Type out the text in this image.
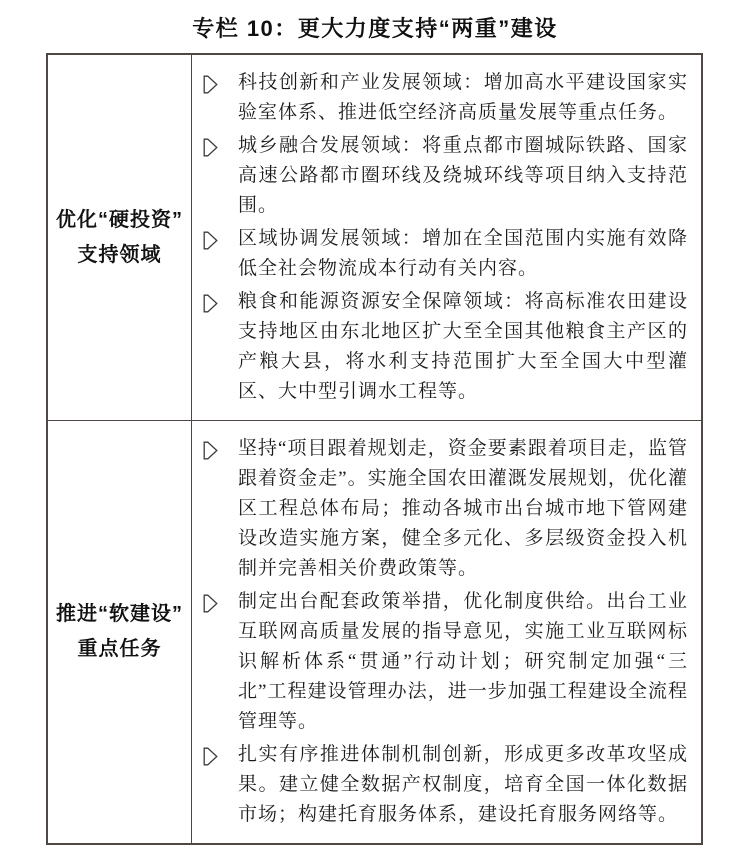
专栏 10：更大力度支持“两重”建设
优化“硬投资”
支持领域
科技创新和产业发展领域：增加高水平建设国家实验室体系、推进低空经济高质量发展等重点任务。
城乡融合发展领域：将重点都市圈城际铁路、国家高速公路都市圈环线及绕城环线等项目纳入支持范围。
区域协调发展领域：增加在全国范围内实施有效降低全社会物流成本行动有关内容。
粮食和能源资源安全保障领域：将高标准农田建设支持地区由东北地区扩大至全国其他粮食主产区的产粮大县，将水利支持范围扩大至全国大中型灌区、大中型引调水工程等。
推进“软建设”
重点任务
坚持“项目跟着规划走，资金要素跟着项目走，监管跟着资金走”。实施全国农田灌溉发展规划，优化灌区工程总体布局；推动各城市出台城市地下管网建设改造实施方案，健全多元化、多层级资金投入机制并完善相关价费政策等。
制定出台配套政策举措，优化制度供给。出台工业互联网高质量发展的指导意见，实施工业互联网标识解析体系“贯通”行动计划；研究制定加强“三北”工程建设管理办法，进一步加强工程建设全流程管理等。
扎实有序推进体制机制创新，形成更多改革攻坚成果。建立健全数据产权制度，培育全国一体化数据市场；构建托育服务体系，建设托育服务网络等。
